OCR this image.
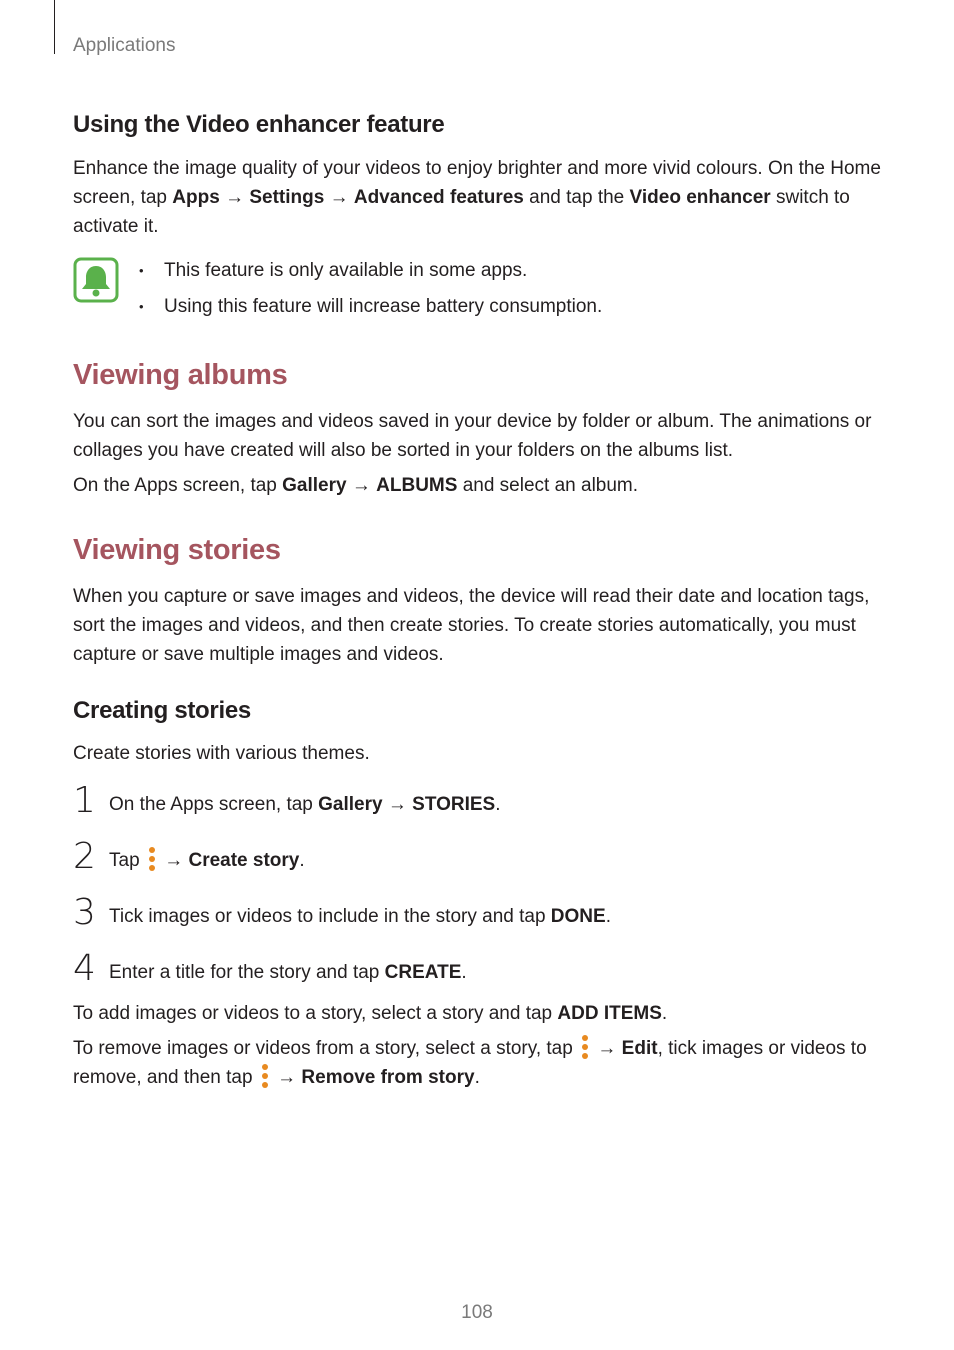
Applications
Using the Video enhancer feature

Enhance the image quality of your videos to enjoy brighter and more vivid colours. On the Home screen, tap Apps → Settings → Advanced features and tap the Video enhancer switch to activate it.

• This feature is only available in some apps.
• Using this feature will increase battery consumption.
Viewing albums

You can sort the images and videos saved in your device by folder or album. The animations or collages you have created will also be sorted in your folders on the albums list.

On the Apps screen, tap Gallery → ALBUMS and select an album.

Viewing stories

When you capture or save images and videos, the device will read their date and location tags, sort the images and videos, and then create stories. To create stories automatically, you must capture or save multiple images and videos.

Creating stories

Create stories with various themes.

1 On the Apps screen, tap Gallery → STORIES.
2 Tap
→ Create story.
3 Tick images or videos to include in the story and tap DONE.
4 Enter a title for the story and tap CREATE.

To add images or videos to a story, select a story and tap ADD ITEMS.

To remove images or videos from a story, select a story, tap
→ Edit, tick images or videos to remove, and then tap
→ Remove from story.

108
